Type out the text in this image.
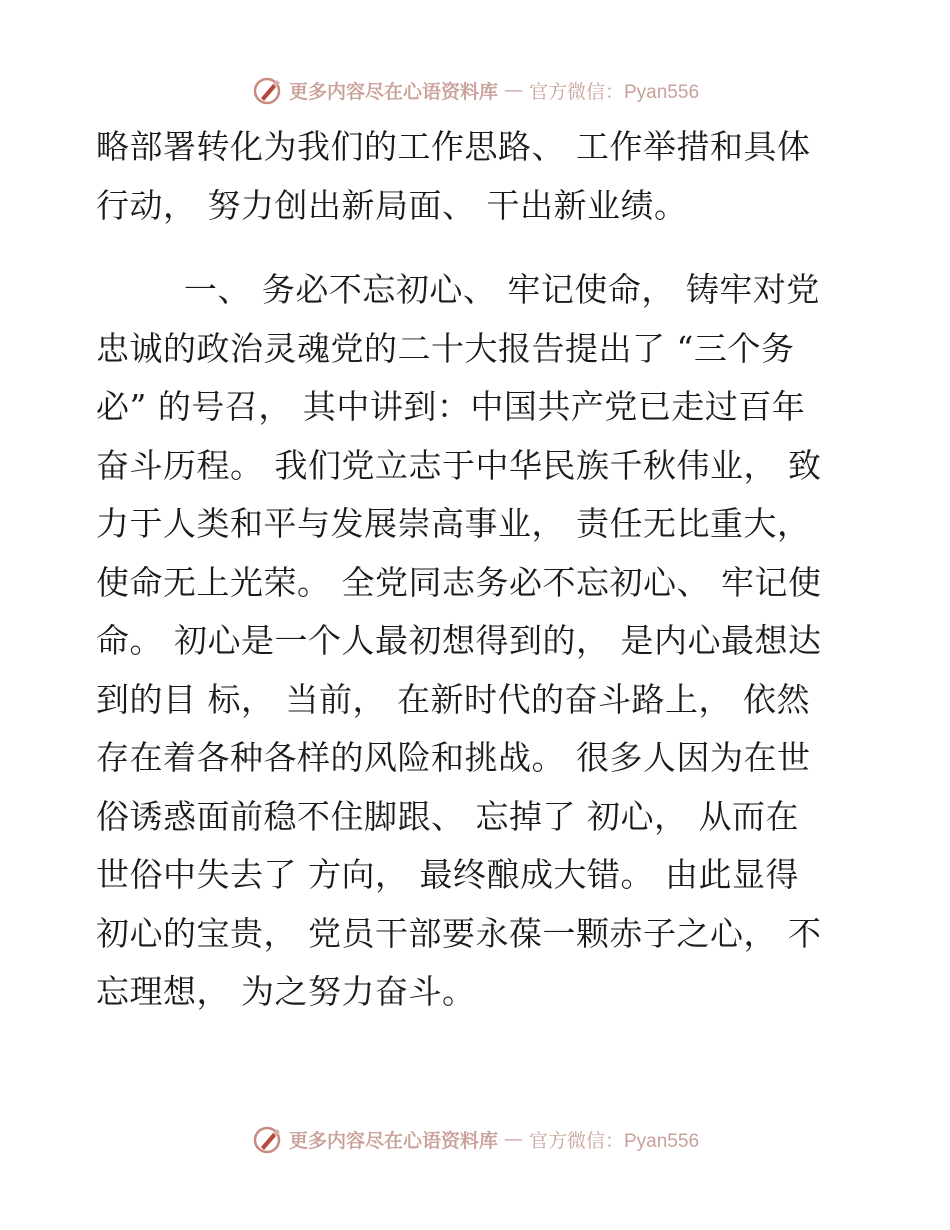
更多内容尽在心语资料库 — 官方微信：Pyan556
略部署转化为我们的工作思路、 工作举措和具体
行动， 努力创出新局面、 干出新业绩。
一、 务必不忘初心、 牢记使命， 铸牢对党
忠诚的政治灵魂党的二十大报告提出了 “三个务
必” 的号召， 其中讲到：中国共产党已走过百年
奋斗历程。 我们党立志于中华民族千秋伟业， 致
力于人类和平与发展崇高事业， 责任无比重大，
使命无上光荣。 全党同志务必不忘初心、 牢记使
命。 初心是一个人最初想得到的， 是内心最想达
到的目 标， 当前， 在新时代的奋斗路上， 依然
存在着各种各样的风险和挑战。 很多人因为在世
俗诱惑面前稳不住脚跟、 忘掉了 初心， 从而在
世俗中失去了 方向， 最终酿成大错。 由此显得
初心的宝贵， 党员干部要永葆一颗赤子之心， 不
忘理想， 为之努力奋斗。
更多内容尽在心语资料库 — 官方微信：Pyan556
